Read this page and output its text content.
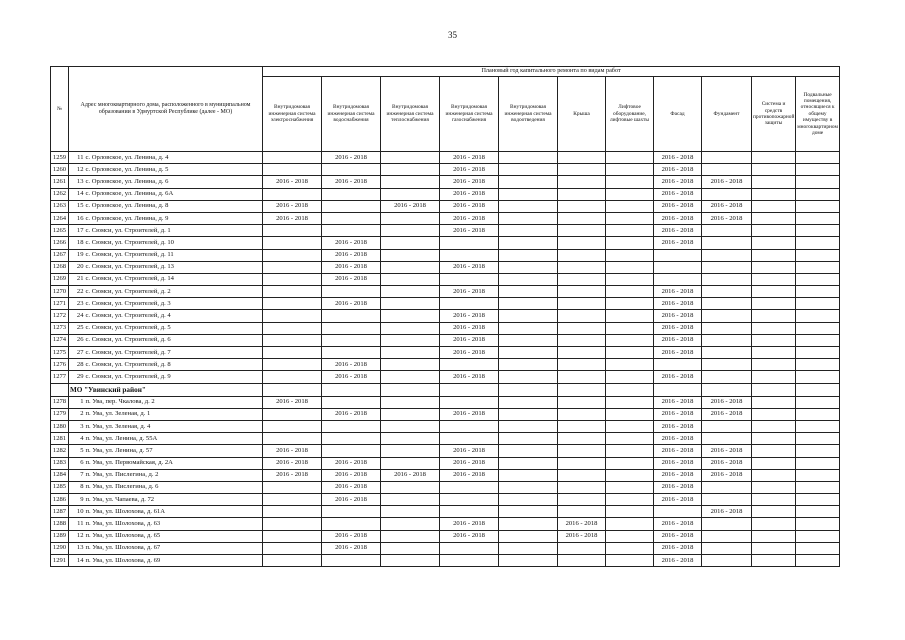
35
№	Адрес многоквартирного дома, расположенного в муниципальном образовании в Удмуртской Республике (далее - МО)		Плановый год капитального ремонта по видам работ										
			Внутридомовая инженерная система электроснабжения	Внутридомовая инженерная система водоснабжения	Внутридомовая инженерная система теплоснабжения	Внутридомовая инженерная система газоснабжения	Внутридомовая инженерная система водоотведения	Крыша	Лифтовое оборудование, лифтовые шахты	Фасад	Фундамент	Система и средств противопожарной защиты	Подвальные помещения, относящиеся к общему имуществу в многоквартирном доме
1259	11	с. Орловское, ул. Ленина, д. 4		2016 - 2018		2016 - 2018				2016 - 2018			
1260	12	с. Орловское, ул. Ленина, д. 5				2016 - 2018				2016 - 2018			
1261	13	с. Орловское, ул. Ленина, д. 6	2016 - 2018	2016 - 2018		2016 - 2018				2016 - 2018	2016 - 2018		
1262	14	с. Орловское, ул. Ленина, д. 6А				2016 - 2018				2016 - 2018			
1263	15	с. Орловское, ул. Ленина, д. 8	2016 - 2018		2016 - 2018	2016 - 2018				2016 - 2018	2016 - 2018		
1264	16	с. Орловское, ул. Ленина, д. 9	2016 - 2018			2016 - 2018				2016 - 2018	2016 - 2018		
1265	17	с. Сюмси, ул. Строителей, д. 1				2016 - 2018				2016 - 2018			
1266	18	с. Сюмси, ул. Строителей, д. 10		2016 - 2018						2016 - 2018			
1267	19	с. Сюмси, ул. Строителей, д. 11		2016 - 2018									
1268	20	с. Сюмси, ул. Строителей, д. 13		2016 - 2018		2016 - 2018							
1269	21	с. Сюмси, ул. Строителей, д. 14		2016 - 2018									
1270	22	с. Сюмси, ул. Строителей, д. 2				2016 - 2018				2016 - 2018			
1271	23	с. Сюмси, ул. Строителей, д. 3		2016 - 2018						2016 - 2018			
1272	24	с. Сюмси, ул. Строителей, д. 4				2016 - 2018				2016 - 2018			
1273	25	с. Сюмси, ул. Строителей, д. 5				2016 - 2018				2016 - 2018			
1274	26	с. Сюмси, ул. Строителей, д. 6				2016 - 2018				2016 - 2018			
1275	27	с. Сюмси, ул. Строителей, д. 7				2016 - 2018				2016 - 2018			
1276	28	с. Сюмси, ул. Строителей, д. 8		2016 - 2018									
1277	29	с. Сюмси, ул. Строителей, д. 9		2016 - 2018		2016 - 2018				2016 - 2018			
	МО "Увинский район"												
1278	1	п. Ува, пер. Чкалова, д. 2	2016 - 2018							2016 - 2018	2016 - 2018		
1279	2	п. Ува, ул. Зеленая, д. 1		2016 - 2018		2016 - 2018				2016 - 2018	2016 - 2018		
1280	3	п. Ува, ул. Зеленая, д. 4								2016 - 2018			
1281	4	п. Ува, ул. Ленина, д. 55А								2016 - 2018			
1282	5	п. Ува, ул. Ленина, д. 57	2016 - 2018			2016 - 2018				2016 - 2018	2016 - 2018		
1283	6	п. Ува, ул. Первомайская, д. 2А	2016 - 2018	2016 - 2018		2016 - 2018				2016 - 2018	2016 - 2018		
1284	7	п. Ува, ул. Пислегина, д. 2	2016 - 2018	2016 - 2018	2016 - 2018	2016 - 2018				2016 - 2018	2016 - 2018		
1285	8	п. Ува, ул. Пислегина, д. 6		2016 - 2018						2016 - 2018			
1286	9	п. Ува, ул. Чапаева, д. 72		2016 - 2018						2016 - 2018			
1287	10	п. Ува, ул. Шолохова, д. 61А									2016 - 2018		
1288	11	п. Ува, ул. Шолохова, д. 63				2016 - 2018		2016 - 2018		2016 - 2018			
1289	12	п. Ува, ул. Шолохова, д. 65		2016 - 2018		2016 - 2018		2016 - 2018		2016 - 2018			
1290	13	п. Ува, ул. Шолохова, д. 67		2016 - 2018						2016 - 2018			
1291	14	п. Ува, ул. Шолохова, д. 69								2016 - 2018			
